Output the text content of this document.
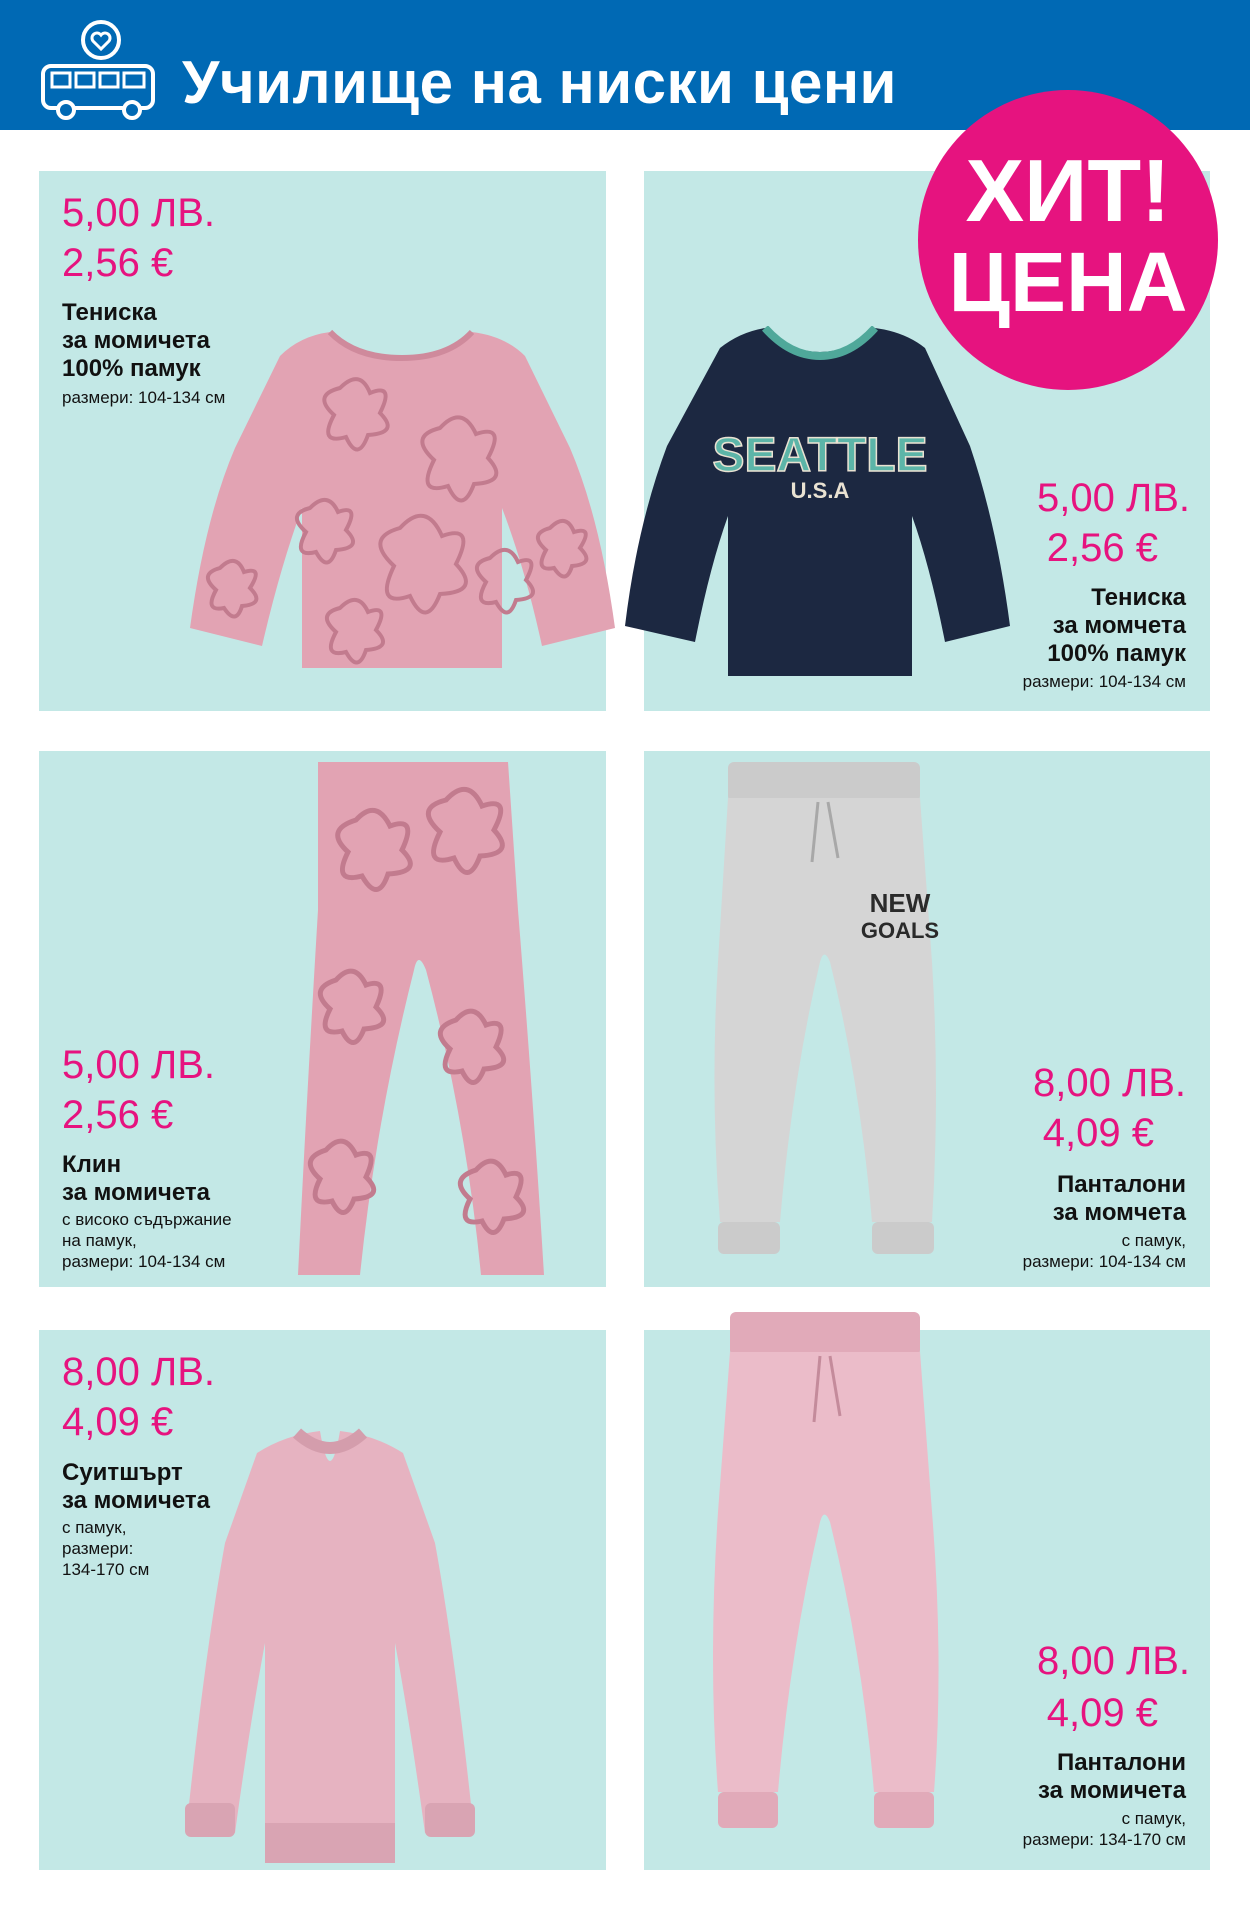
Училище на ниски цени
SEATTLE
U.S.A
NEW
GOALS
ХИТ!
ЦЕНА
5,00 ЛВ.
2,56 €
Тениска
за момичета
100% памук
размери: 104-134 см
5,00 ЛВ.
2,56 €
Тениска
за момчета
100% памук
размери: 104-134 см
5,00 ЛВ.
2,56 €
Клин
за момичета
с високо съдържание
на памук,
размери: 104-134 см
8,00 ЛВ.
4,09 €
Панталони
за момчета
с памук,
размери: 104-134 см
8,00 ЛВ.
4,09 €
Суитшърт
за момичета
с памук,
размери:
134-170 см
8,00 ЛВ.
4,09 €
Панталони
за момичета
с памук,
размери: 134-170 см
